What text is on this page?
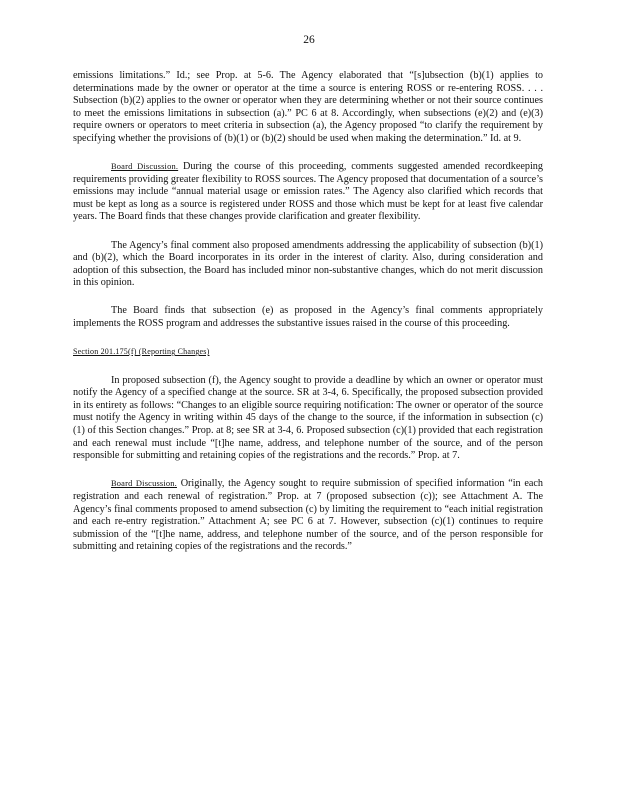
26

emissions limitations.” Id.; see Prop. at 5-6. The Agency elaborated that “[s]ubsection (b)(1) applies to determinations made by the owner or operator at the time a source is entering ROSS or re-entering ROSS. . . . Subsection (b)(2) applies to the owner or operator when they are determining whether or not their source continues to meet the emissions limitations in subsection (a).” PC 6 at 8. Accordingly, when subsections (e)(2) and (e)(3) require owners or operators to meet criteria in subsection (a), the Agency proposed “to clarify the requirement by specifying whether the provisions of (b)(1) or (b)(2) should be used when making the determination.” Id. at 9.

Board Discussion. During the course of this proceeding, comments suggested amended recordkeeping requirements providing greater flexibility to ROSS sources. The Agency proposed that documentation of a source’s emissions may include “annual material usage or emission rates.” The Agency also clarified which records that must be kept as long as a source is registered under ROSS and those which must be kept for at least five calendar years. The Board finds that these changes provide clarification and greater flexibility.

The Agency’s final comment also proposed amendments addressing the applicability of subsection (b)(1) and (b)(2), which the Board incorporates in its order in the interest of clarity. Also, during consideration and adoption of this subsection, the Board has included minor non-substantive changes, which do not merit discussion in this opinion.

The Board finds that subsection (e) as proposed in the Agency’s final comments appropriately implements the ROSS program and addresses the substantive issues raised in the course of this proceeding.

Section 201.175(f) (Reporting Changes)

In proposed subsection (f), the Agency sought to provide a deadline by which an owner or operator must notify the Agency of a specified change at the source. SR at 3-4, 6. Specifically, the proposed subsection provided in its entirety as follows: “Changes to an eligible source requiring notification: The owner or operator of the source must notify the Agency in writing within 45 days of the change to the source, if the information in subsection (c)(1) of this Section changes.” Prop. at 8; see SR at 3-4, 6. Proposed subsection (c)(1) provided that each registration and each renewal must include “[t]he name, address, and telephone number of the source, and of the person responsible for submitting and retaining copies of the registrations and the records.” Prop. at 7.

Board Discussion. Originally, the Agency sought to require submission of specified information “in each registration and each renewal of registration.” Prop. at 7 (proposed subsection (c)); see Attachment A. The Agency’s final comments proposed to amend subsection (c) by limiting the requirement to “each initial registration and each re-entry registration.” Attachment A; see PC 6 at 7. However, subsection (c)(1) continues to require submission of the “[t]he name, address, and telephone number of the source, and of the person responsible for submitting and retaining copies of the registrations and the records.”
